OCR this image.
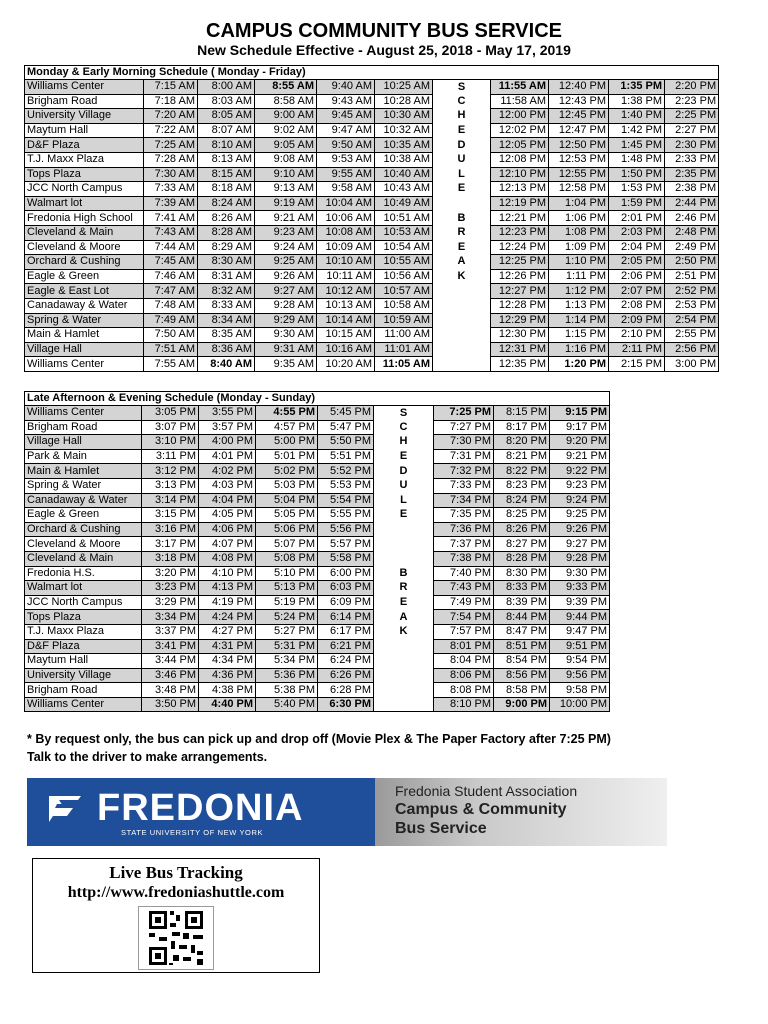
CAMPUS COMMUNITY BUS SERVICE
New Schedule Effective - August 25, 2018 - May 17, 2019
Monday & Early Morning Schedule ( Monday - Friday)										
Williams Center	7:15 AM	8:00 AM	8:55 AM	9:40 AM	10:25 AM	S	11:55 AM	12:40 PM	1:35 PM	2:20 PM
Brigham Road	7:18 AM	8:03 AM	8:58 AM	9:43 AM	10:28 AM	C	11:58 AM	12:43 PM	1:38 PM	2:23 PM
University Village	7:20 AM	8:05 AM	9:00 AM	9:45 AM	10:30 AM	H	12:00 PM	12:45 PM	1:40 PM	2:25 PM
Maytum Hall	7:22 AM	8:07 AM	9:02 AM	9:47 AM	10:32 AM	E	12:02 PM	12:47 PM	1:42 PM	2:27 PM
D&F Plaza	7:25 AM	8:10 AM	9:05 AM	9:50 AM	10:35 AM	D	12:05 PM	12:50 PM	1:45 PM	2:30 PM
T.J. Maxx Plaza	7:28 AM	8:13 AM	9:08 AM	9:53 AM	10:38 AM	U	12:08 PM	12:53 PM	1:48 PM	2:33 PM
Tops Plaza	7:30 AM	8:15 AM	9:10 AM	9:55 AM	10:40 AM	L	12:10 PM	12:55 PM	1:50 PM	2:35 PM
JCC North Campus	7:33 AM	8:18 AM	9:13 AM	9:58 AM	10:43 AM	E	12:13 PM	12:58 PM	1:53 PM	2:38 PM
Walmart lot	7:39 AM	8:24 AM	9:19 AM	10:04 AM	10:49 AM		12:19 PM	1:04 PM	1:59 PM	2:44 PM
Fredonia High School	7:41 AM	8:26 AM	9:21 AM	10:06 AM	10:51 AM	B	12:21 PM	1:06 PM	2:01 PM	2:46 PM
Cleveland & Main	7:43 AM	8:28 AM	9:23 AM	10:08 AM	10:53 AM	R	12:23 PM	1:08 PM	2:03 PM	2:48 PM
Cleveland & Moore	7:44 AM	8:29 AM	9:24 AM	10:09 AM	10:54 AM	E	12:24 PM	1:09 PM	2:04 PM	2:49 PM
Orchard & Cushing	7:45 AM	8:30 AM	9:25 AM	10:10 AM	10:55 AM	A	12:25 PM	1:10 PM	2:05 PM	2:50 PM
Eagle & Green	7:46 AM	8:31 AM	9:26 AM	10:11 AM	10:56 AM	K	12:26 PM	1:11 PM	2:06 PM	2:51 PM
Eagle & East Lot	7:47 AM	8:32 AM	9:27 AM	10:12 AM	10:57 AM		12:27 PM	1:12 PM	2:07 PM	2:52 PM
Canadaway & Water	7:48 AM	8:33 AM	9:28 AM	10:13 AM	10:58 AM		12:28 PM	1:13 PM	2:08 PM	2:53 PM
Spring & Water	7:49 AM	8:34 AM	9:29 AM	10:14 AM	10:59 AM		12:29 PM	1:14 PM	2:09 PM	2:54 PM
Main & Hamlet	7:50 AM	8:35 AM	9:30 AM	10:15 AM	11:00 AM		12:30 PM	1:15 PM	2:10 PM	2:55 PM
Village Hall	7:51 AM	8:36 AM	9:31 AM	10:16 AM	11:01 AM		12:31 PM	1:16 PM	2:11 PM	2:56 PM
Williams Center	7:55 AM	8:40 AM	9:35 AM	10:20 AM	11:05 AM		12:35 PM	1:20 PM	2:15 PM	3:00 PM
Late Afternoon & Evening Schedule (Monday - Sunday)								
Williams Center	3:05 PM	3:55 PM	4:55 PM	5:45 PM	S	7:25 PM	8:15 PM	9:15 PM
Brigham Road	3:07 PM	3:57 PM	4:57 PM	5:47 PM	C	7:27 PM	8:17 PM	9:17 PM
Village Hall	3:10 PM	4:00 PM	5:00 PM	5:50 PM	H	7:30 PM	8:20 PM	9:20 PM
Park & Main	3:11 PM	4:01 PM	5:01 PM	5:51 PM	E	7:31 PM	8:21 PM	9:21 PM
Main & Hamlet	3:12 PM	4:02 PM	5:02 PM	5:52 PM	D	7:32 PM	8:22 PM	9:22 PM
Spring & Water	3:13 PM	4:03 PM	5:03 PM	5:53 PM	U	7:33 PM	8:23 PM	9:23 PM
Canadaway & Water	3:14 PM	4:04 PM	5:04 PM	5:54 PM	L	7:34 PM	8:24 PM	9:24 PM
Eagle & Green	3:15 PM	4:05 PM	5:05 PM	5:55 PM	E	7:35 PM	8:25 PM	9:25 PM
Orchard & Cushing	3:16 PM	4:06 PM	5:06 PM	5:56 PM		7:36 PM	8:26 PM	9:26 PM
Cleveland & Moore	3:17 PM	4:07 PM	5:07 PM	5:57 PM		7:37 PM	8:27 PM	9:27 PM
Cleveland & Main	3:18 PM	4:08 PM	5:08 PM	5:58 PM		7:38 PM	8:28 PM	9:28 PM
Fredonia H.S.	3:20 PM	4:10 PM	5:10 PM	6:00 PM	B	7:40 PM	8:30 PM	9:30 PM
Walmart lot	3:23 PM	4:13 PM	5:13 PM	6:03 PM	R	7:43 PM	8:33 PM	9:33 PM
JCC North Campus	3:29 PM	4:19 PM	5:19 PM	6:09 PM	E	7:49 PM	8:39 PM	9:39 PM
Tops Plaza	3:34 PM	4:24 PM	5:24 PM	6:14 PM	A	7:54 PM	8:44 PM	9:44 PM
T.J. Maxx Plaza	3:37 PM	4:27 PM	5:27 PM	6:17 PM	K	7:57 PM	8:47 PM	9:47 PM
D&F Plaza	3:41 PM	4:31 PM	5:31 PM	6:21 PM		8:01 PM	8:51 PM	9:51 PM
Maytum Hall	3:44 PM	4:34 PM	5:34 PM	6:24 PM		8:04 PM	8:54 PM	9:54 PM
University Village	3:46 PM	4:36 PM	5:36 PM	6:26 PM		8:06 PM	8:56 PM	9:56 PM
Brigham Road	3:48 PM	4:38 PM	5:38 PM	6:28 PM		8:08 PM	8:58 PM	9:58 PM
Williams Center	3:50 PM	4:40 PM	5:40 PM	6:30 PM		8:10 PM	9:00 PM	10:00 PM
* By request only, the bus can pick up and drop off (Movie Plex & The Paper Factory after 7:25 PM)
Talk to the driver to make arrangements.
FREDONIA
STATE UNIVERSITY OF NEW YORK
Fredonia Student Association
Campus & Community
Bus Service
Live Bus Tracking
http://www.fredoniashuttle.com
